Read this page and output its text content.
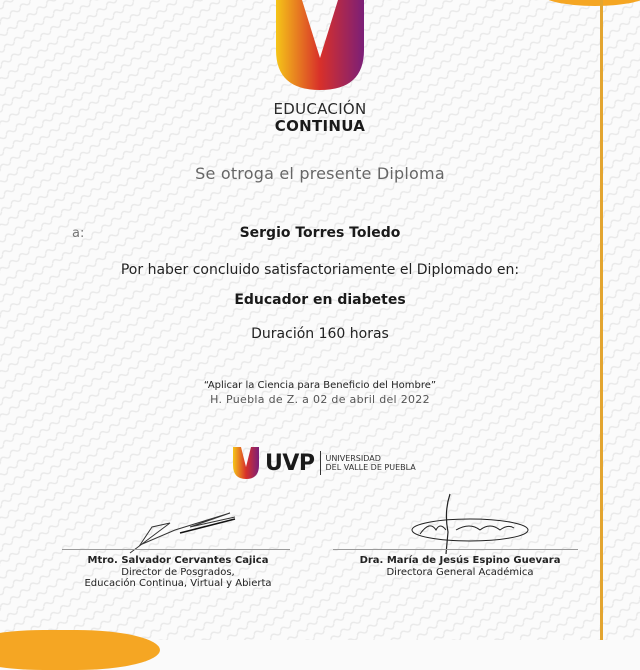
EDUCACIÓN
CONTINUA
Se otroga el presente Diploma
a:	Sergio Torres Toledo
Por haber concluido satisfactoriamente el Diplomado en:
Educador en diabetes
Duración 160 horas
“Aplicar la Ciencia para Beneficio del Hombre”
H. Puebla de Z. a 02 de abril del 2022
UVP UNIVERSIDAD
DEL VALLE DE PUEBLA
Mtro. Salvador Cervantes Cajica
Director de Posgrados,
Educación Continua, Virtual y Abierta
Dra. María de Jesús Espino Guevara
Directora General Académica
